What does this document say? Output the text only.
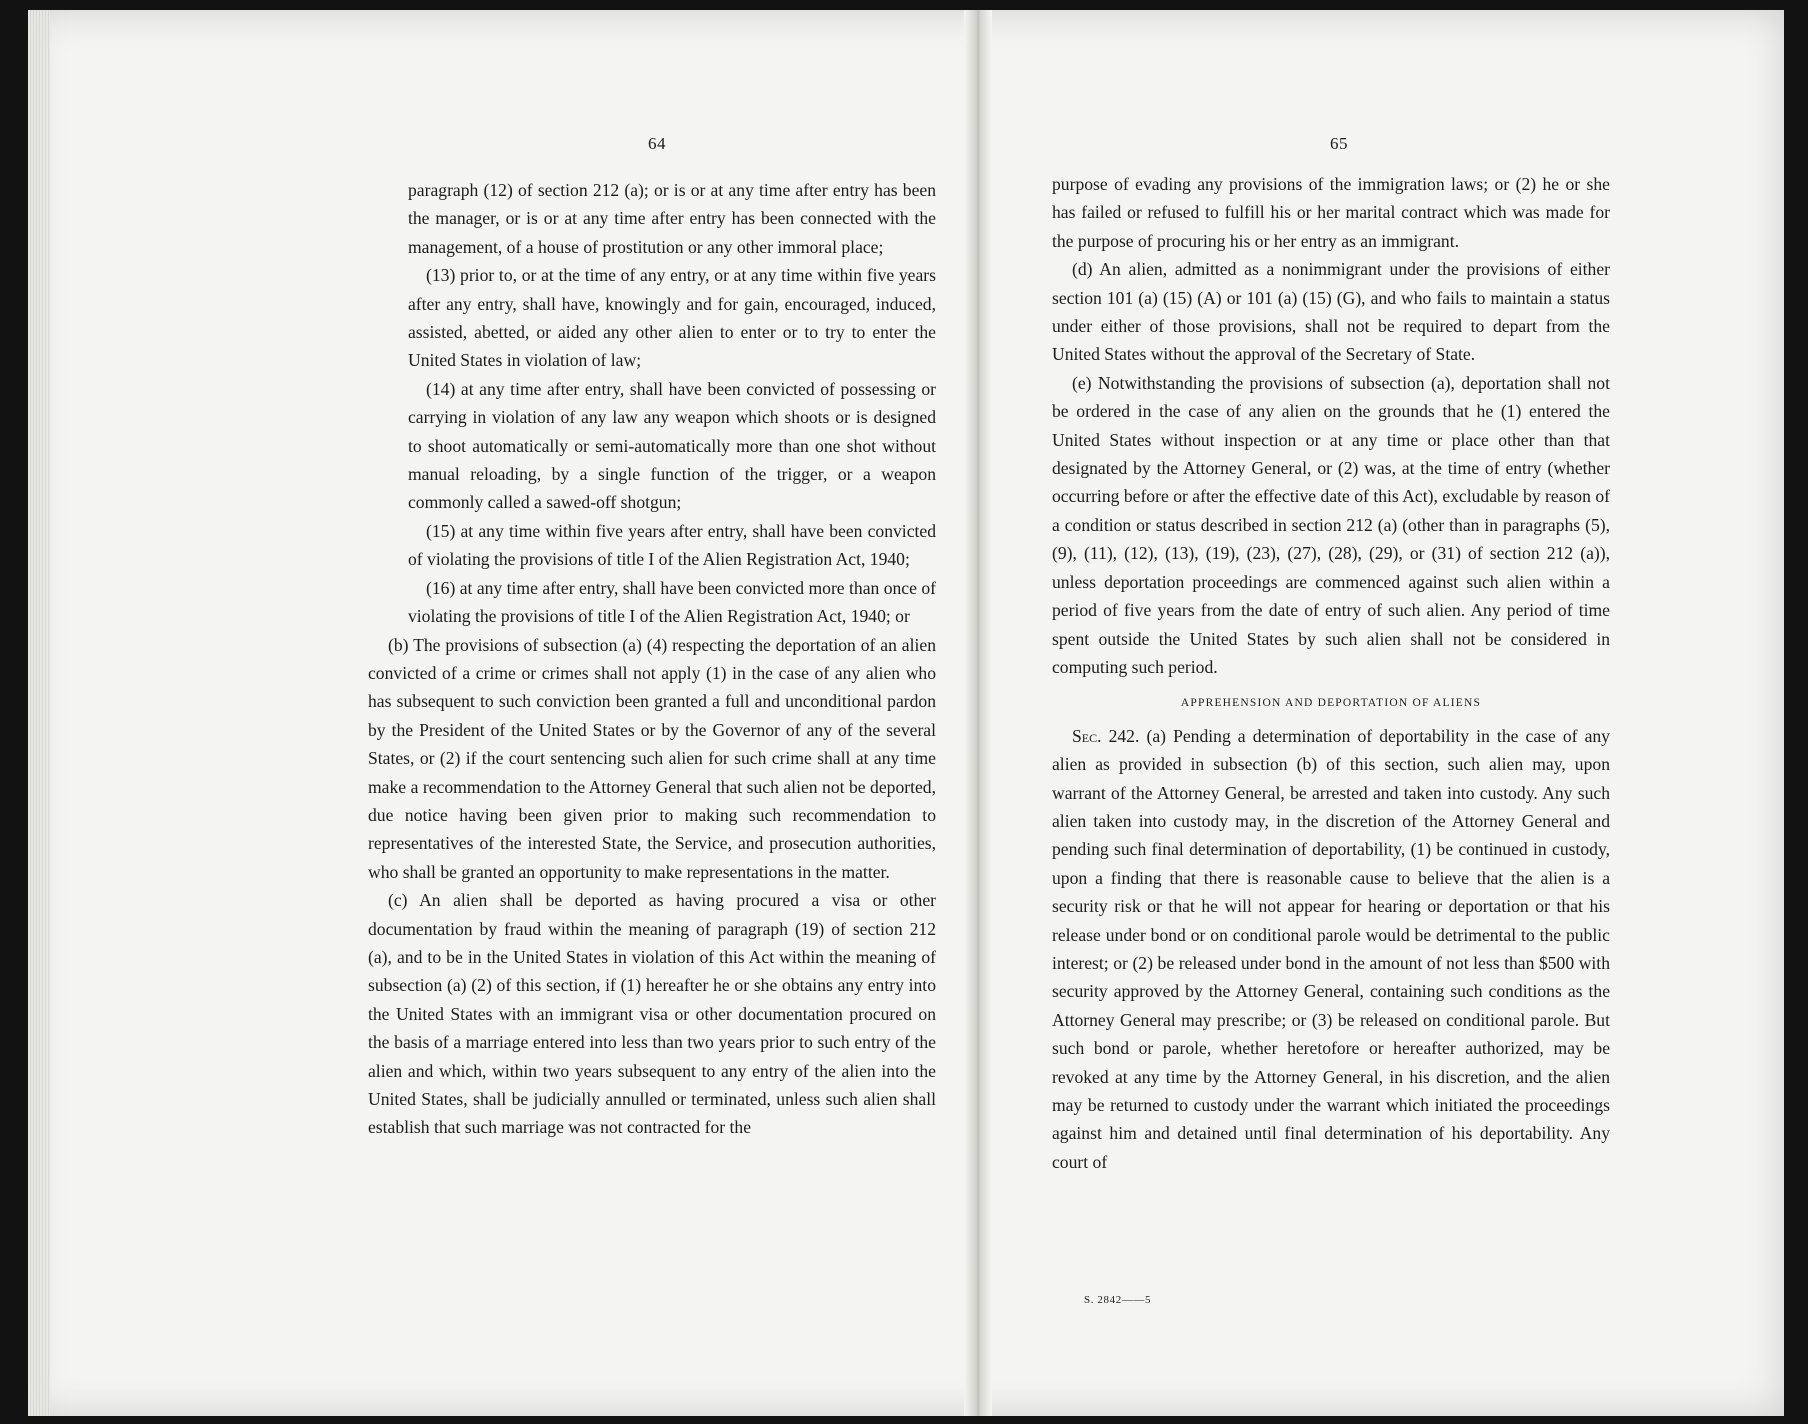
64

paragraph (12) of section 212 (a); or is or at any time after entry has been the manager, or is or at any time after entry has been connected with the management, of a house of prostitution or any other immoral place;

(13) prior to, or at the time of any entry, or at any time within five years after any entry, shall have, knowingly and for gain, encouraged, induced, assisted, abetted, or aided any other alien to enter or to try to enter the United States in violation of law;

(14) at any time after entry, shall have been convicted of possessing or carrying in violation of any law any weapon which shoots or is designed to shoot automatically or semi-automatically more than one shot without manual reloading, by a single function of the trigger, or a weapon commonly called a sawed-off shotgun;

(15) at any time within five years after entry, shall have been convicted of violating the provisions of title I of the Alien Registration Act, 1940;

(16) at any time after entry, shall have been convicted more than once of violating the provisions of title I of the Alien Registration Act, 1940; or

(b) The provisions of subsection (a) (4) respecting the deportation of an alien convicted of a crime or crimes shall not apply (1) in the case of any alien who has subsequent to such conviction been granted a full and unconditional pardon by the President of the United States or by the Governor of any of the several States, or (2) if the court sentencing such alien for such crime shall at any time make a recommendation to the Attorney General that such alien not be deported, due notice having been given prior to making such recommendation to representatives of the interested State, the Service, and prosecution authorities, who shall be granted an opportunity to make representations in the matter.

(c) An alien shall be deported as having procured a visa or other documentation by fraud within the meaning of paragraph (19) of section 212 (a), and to be in the United States in violation of this Act within the meaning of subsection (a) (2) of this section, if (1) hereafter he or she obtains any entry into the United States with an immigrant visa or other documentation procured on the basis of a marriage entered into less than two years prior to such entry of the alien and which, within two years subsequent to any entry of the alien into the United States, shall be judicially annulled or terminated, unless such alien shall establish that such marriage was not contracted for the

65

purpose of evading any provisions of the immigration laws; or (2) he or she has failed or refused to fulfill his or her marital contract which was made for the purpose of procuring his or her entry as an immigrant.

(d) An alien, admitted as a nonimmigrant under the provisions of either section 101 (a) (15) (A) or 101 (a) (15) (G), and who fails to maintain a status under either of those provisions, shall not be required to depart from the United States without the approval of the Secretary of State.

(e) Notwithstanding the provisions of subsection (a), deportation shall not be ordered in the case of any alien on the grounds that he (1) entered the United States without inspection or at any time or place other than that designated by the Attorney General, or (2) was, at the time of entry (whether occurring before or after the effective date of this Act), excludable by reason of a condition or status described in section 212 (a) (other than in paragraphs (5), (9), (11), (12), (13), (19), (23), (27), (28), (29), or (31) of section 212 (a)), unless deportation proceedings are commenced against such alien within a period of five years from the date of entry of such alien. Any period of time spent outside the United States by such alien shall not be considered in computing such period.

APPREHENSION AND DEPORTATION OF ALIENS

Sec. 242. (a) Pending a determination of deportability in the case of any alien as provided in subsection (b) of this section, such alien may, upon warrant of the Attorney General, be arrested and taken into custody. Any such alien taken into custody may, in the discretion of the Attorney General and pending such final determination of deportability, (1) be continued in custody, upon a finding that there is reasonable cause to believe that the alien is a security risk or that he will not appear for hearing or deportation or that his release under bond or on conditional parole would be detrimental to the public interest; or (2) be released under bond in the amount of not less than $500 with security approved by the Attorney General, containing such conditions as the Attorney General may prescribe; or (3) be released on conditional parole. But such bond or parole, whether heretofore or hereafter authorized, may be revoked at any time by the Attorney General, in his discretion, and the alien may be returned to custody under the warrant which initiated the proceedings against him and detained until final determination of his deportability. Any court of

S. 2842——5
